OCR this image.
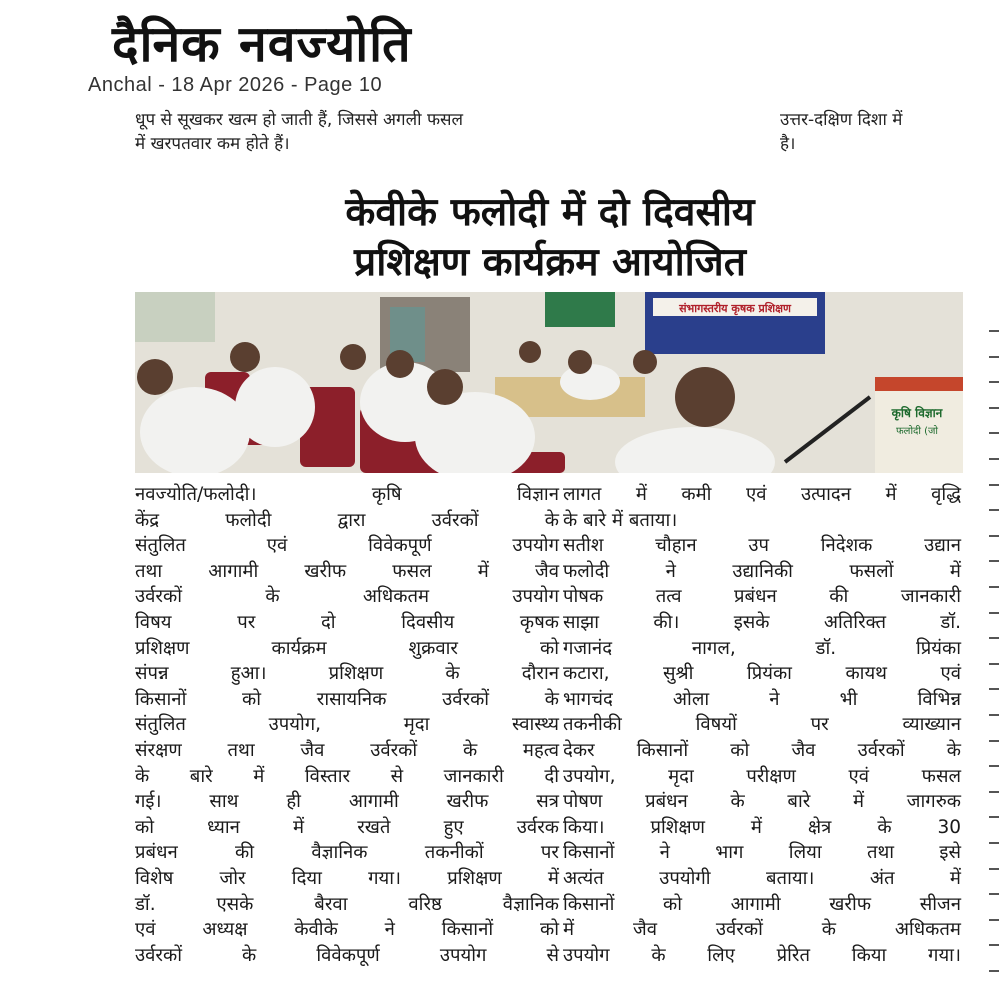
दैनिक नवज्योति
Anchal - 18 Apr 2026 - Page 10
धूप से सूखकर खत्म हो जाती हैं, जिससे अगली फसल
में खरपतवार कम होते हैं।
उत्तर-दक्षिण दिशा में
है।
केवीके फलोदी में दो दिवसीय
प्रशिक्षण कार्यक्रम आयोजित
संभागस्तरीय कृषक प्रशिक्षण
कृषि विज्ञान
फलोदी (जो
नवज्योति/फलोदी। कृषि विज्ञान
केंद्र फलोदी द्वारा उर्वरकों के
संतुलित एवं विवेकपूर्ण उपयोग
तथा आगामी खरीफ फसल में जैव
उर्वरकों के अधिकतम उपयोग
विषय पर दो दिवसीय कृषक
प्रशिक्षण कार्यक्रम शुक्रवार को
संपन्न हुआ। प्रशिक्षण के दौरान
किसानों को रासायनिक उर्वरकों के
संतुलित उपयोग, मृदा स्वास्थ्य
संरक्षण तथा जैव उर्वरकों के महत्व
के बारे में विस्तार से जानकारी दी
गई। साथ ही आगामी खरीफ सत्र
को ध्यान में रखते हुए उर्वरक
प्रबंधन की वैज्ञानिक तकनीकों पर
विशेष जोर दिया गया। प्रशिक्षण में
डॉ. एसके बैरवा वरिष्ठ वैज्ञानिक
एवं अध्यक्ष केवीके ने किसानों को
उर्वरकों के विवेकपूर्ण उपयोग से
लागत में कमी एवं उत्पादन में वृद्धि
के बारे में बताया।
सतीश चौहान उप निदेशक उद्यान
फलोदी ने उद्यानिकी फसलों में
पोषक तत्व प्रबंधन की जानकारी
साझा की। इसके अतिरिक्त डॉ.
गजानंद नागल, डॉ. प्रियंका
कटारा, सुश्री प्रियंका कायथ एवं
भागचंद ओला ने भी विभिन्न
तकनीकी विषयों पर व्याख्यान
देकर किसानों को जैव उर्वरकों के
उपयोग, मृदा परीक्षण एवं फसल
पोषण प्रबंधन के बारे में जागरुक
किया। प्रशिक्षण में क्षेत्र के 30
किसानों ने भाग लिया तथा इसे
अत्यंत उपयोगी बताया। अंत में
किसानों को आगामी खरीफ सीजन
में जैव उर्वरकों के अधिकतम
उपयोग के लिए प्रेरित किया गया।
